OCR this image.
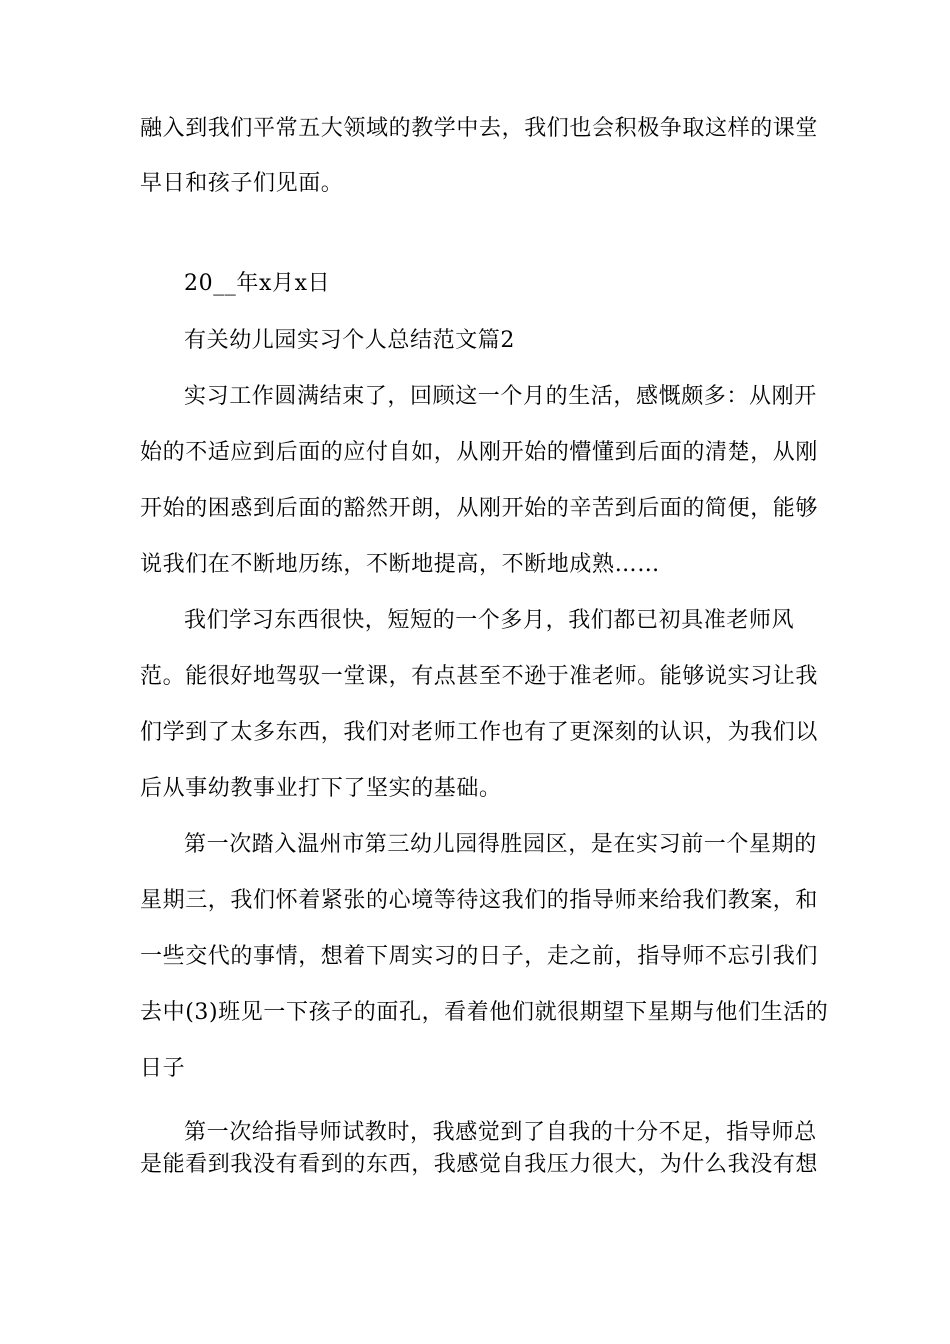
融入到我们平常五大领域的教学中去，我们也会积极争取这样的课堂
早日和孩子们见面。
20__年x月x日
有关幼儿园实习个人总结范文篇2
实习工作圆满结束了，回顾这一个月的生活，感慨颇多：从刚开
始的不适应到后面的应付自如，从刚开始的懵懂到后面的清楚，从刚
开始的困惑到后面的豁然开朗，从刚开始的辛苦到后面的简便，能够
说我们在不断地历练，不断地提高，不断地成熟……
我们学习东西很快，短短的一个多月，我们都已初具准老师风
范。能很好地驾驭一堂课，有点甚至不逊于准老师。能够说实习让我
们学到了太多东西，我们对老师工作也有了更深刻的认识，为我们以
后从事幼教事业打下了坚实的基础。
第一次踏入温州市第三幼儿园得胜园区，是在实习前一个星期的
星期三，我们怀着紧张的心境等待这我们的指导师来给我们教案，和
一些交代的事情，想着下周实习的日子，走之前，指导师不忘引我们
去中(3)班见一下孩子的面孔，看着他们就很期望下星期与他们生活的
日子
第一次给指导师试教时，我感觉到了自我的十分不足，指导师总
是能看到我没有看到的东西，我感觉自我压力很大，为什么我没有想
